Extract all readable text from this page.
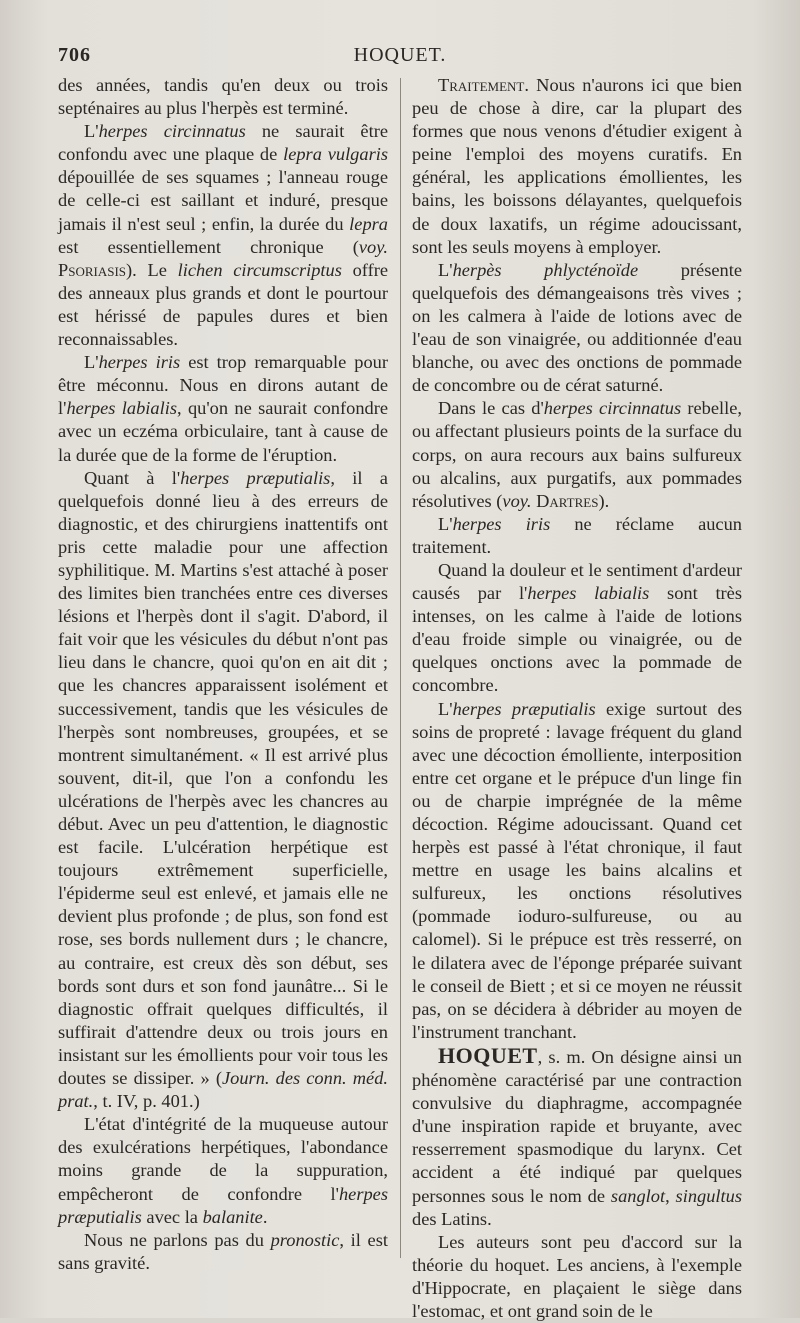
706	HOQUET.

des années, tandis qu'en deux ou trois septénaires au plus l'herpès est terminé.

L'herpes circinnatus ne saurait être confondu avec une plaque de lepra vulgaris dépouillée de ses squames ; l'anneau rouge de celle-ci est saillant et induré, presque jamais il n'est seul ; enfin, la durée du lepra est essentiellement chronique (voy. Psoriasis). Le lichen circumscriptus offre des anneaux plus grands et dont le pourtour est hérissé de papules dures et bien reconnaissables.

L'herpes iris est trop remarquable pour être méconnu. Nous en dirons autant de l'herpes labialis, qu'on ne saurait confondre avec un eczéma orbiculaire, tant à cause de la durée que de la forme de l'éruption.

Quant à l'herpes præputialis, il a quelquefois donné lieu à des erreurs de diagnostic, et des chirurgiens inattentifs ont pris cette maladie pour une affection syphilitique. M. Martins s'est attaché à poser des limites bien tranchées entre ces diverses lésions et l'herpès dont il s'agit. D'abord, il fait voir que les vésicules du début n'ont pas lieu dans le chancre, quoi qu'on en ait dit ; que les chancres apparaissent isolément et successivement, tandis que les vésicules de l'herpès sont nombreuses, groupées, et se montrent simultanément. « Il est arrivé plus souvent, dit-il, que l'on a confondu les ulcérations de l'herpès avec les chancres au début. Avec un peu d'attention, le diagnostic est facile. L'ulcération herpétique est toujours extrêmement superficielle, l'épiderme seul est enlevé, et jamais elle ne devient plus profonde ; de plus, son fond est rose, ses bords nullement durs ; le chancre, au contraire, est creux dès son début, ses bords sont durs et son fond jaunâtre... Si le diagnostic offrait quelques difficultés, il suffirait d'attendre deux ou trois jours en insistant sur les émollients pour voir tous les doutes se dissiper. » (Journ. des conn. méd. prat., t. IV, p. 401.)

L'état d'intégrité de la muqueuse autour des exulcérations herpétiques, l'abondance moins grande de la suppuration, empêcheront de confondre l'herpes præputialis avec la balanite.

Nous ne parlons pas du pronostic, il est sans gravité.

Traitement. Nous n'aurons ici que bien peu de chose à dire, car la plupart des formes que nous venons d'étudier exigent à peine l'emploi des moyens curatifs. En général, les applications émollientes, les bains, les boissons délayantes, quelquefois de doux laxatifs, un régime adoucissant, sont les seuls moyens à employer.

L'herpès phlycténoïde présente quelquefois des démangeaisons très vives ; on les calmera à l'aide de lotions avec de l'eau de son vinaigrée, ou additionnée d'eau blanche, ou avec des onctions de pommade de concombre ou de cérat saturné.

Dans le cas d'herpes circinnatus rebelle, ou affectant plusieurs points de la surface du corps, on aura recours aux bains sulfureux ou alcalins, aux purgatifs, aux pommades résolutives (voy. Dartres).

L'herpes iris ne réclame aucun traitement.

Quand la douleur et le sentiment d'ardeur causés par l'herpes labialis sont très intenses, on les calme à l'aide de lotions d'eau froide simple ou vinaigrée, ou de quelques onctions avec la pommade de concombre.

L'herpes præputialis exige surtout des soins de propreté : lavage fréquent du gland avec une décoction émolliente, interposition entre cet organe et le prépuce d'un linge fin ou de charpie imprégnée de la même décoction. Régime adoucissant. Quand cet herpès est passé à l'état chronique, il faut mettre en usage les bains alcalins et sulfureux, les onctions résolutives (pommade ioduro-sulfureuse, ou au calomel). Si le prépuce est très resserré, on le dilatera avec de l'éponge préparée suivant le conseil de Biett ; et si ce moyen ne réussit pas, on se décidera à débrider au moyen de l'instrument tranchant.

HOQUET, s. m. On désigne ainsi un phénomène caractérisé par une contraction convulsive du diaphragme, accompagnée d'une inspiration rapide et bruyante, avec resserrement spasmodique du larynx. Cet accident a été indiqué par quelques personnes sous le nom de sanglot, singultus des Latins.

Les auteurs sont peu d'accord sur la théorie du hoquet. Les anciens, à l'exemple d'Hippocrate, en plaçaient le siège dans l'estomac, et ont grand soin de le
